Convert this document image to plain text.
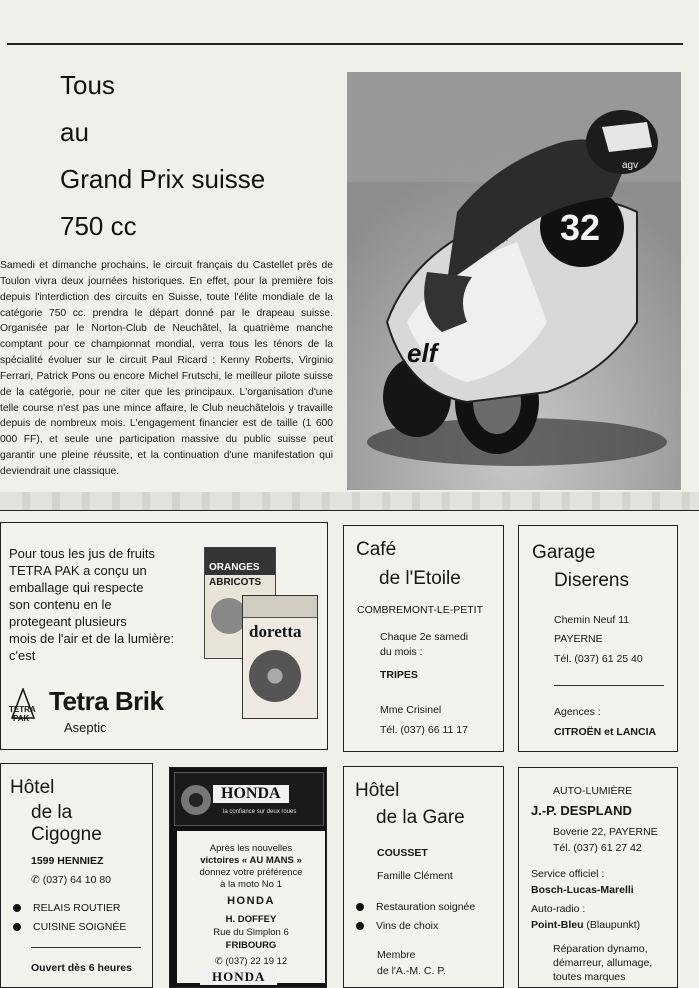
Tous
au
Grand Prix suisse
750 cc
Samedi et dimanche prochains, le circuit français du Castellet près de Toulon vivra deux journées historiques. En effet, pour la première fois depuis l'interdiction des circuits en Suisse, toute l'élite mondiale de la catégorie 750 cc. prendra le départ donné par le drapeau suisse. Organisée par le Norton-Club de Neuchâtel, la quatrième manche comptant pour ce championnat mondial, verra tous les ténors de la spécialité évoluer sur le circuit Paul Ricard : Kenny Roberts, Virginio Ferrari, Patrick Pons ou encore Michel Frutschi, le meilleur pilote suisse de la catégorie, pour ne citer que les principaux. L'organisation d'une telle course n'est pas une mince affaire, le Club neuchâtelois y travaille depuis de nombreux mois. L'engagement financier est de taille (1 600 000 FF), et seule une participation massive du public suisse peut garantir une pleine réussite, et la continuation d'une manifestation qui deviendrait une classique.
32
elf
agv
Pour tous les jus de fruits
TETRA PAK a conçu un
emballage qui respecte
son contenu en le
protegeant plusieurs
mois de l'air et de la lumière:
c'est
ORANGES
ABRICOTS
doretta
TETRA
PAK
Tetra Brik
Aseptic
Café
de l'Etoile
COMBREMONT-LE-PETIT
Chaque 2e samedi
du mois :
TRIPES
Mme Crisinel
Tél. (037) 66 11 17
Garage
Diserens
Chemin Neuf 11
PAYERNE
Tél. (037) 61 25 40
Agences :
CITROËN et LANCIA
Hôtel
de la
Cigogne
1599 HENNIEZ
✆ (037) 64 10 80
RELAIS ROUTIER
CUISINE SOIGNÉE
Ouvert dès 6 heures
HONDA
la confiance sur deux roues
Après les nouvelles
victoires « AU MANS »
donnez votre préférence
à la moto No 1
HONDA
H. DOFFEY
Rue du Simplon 6
FRIBOURG
✆ (037) 22 19 12
HONDA
Hôtel
de la Gare
COUSSET
Famille Clément
Restauration soignée
Vins de choix
Membre
de l'A.-M. C. P.
AUTO-LUMIÈRE
J.-P. DESPLAND
Boverie 22, PAYERNE
Tél. (037) 61 27 42
Service officiel :
Bosch-Lucas-Marelli
Auto-radio :
Point-Bleu (Blaupunkt)
Réparation dynamo,
démarreur, allumage,
toutes marques
